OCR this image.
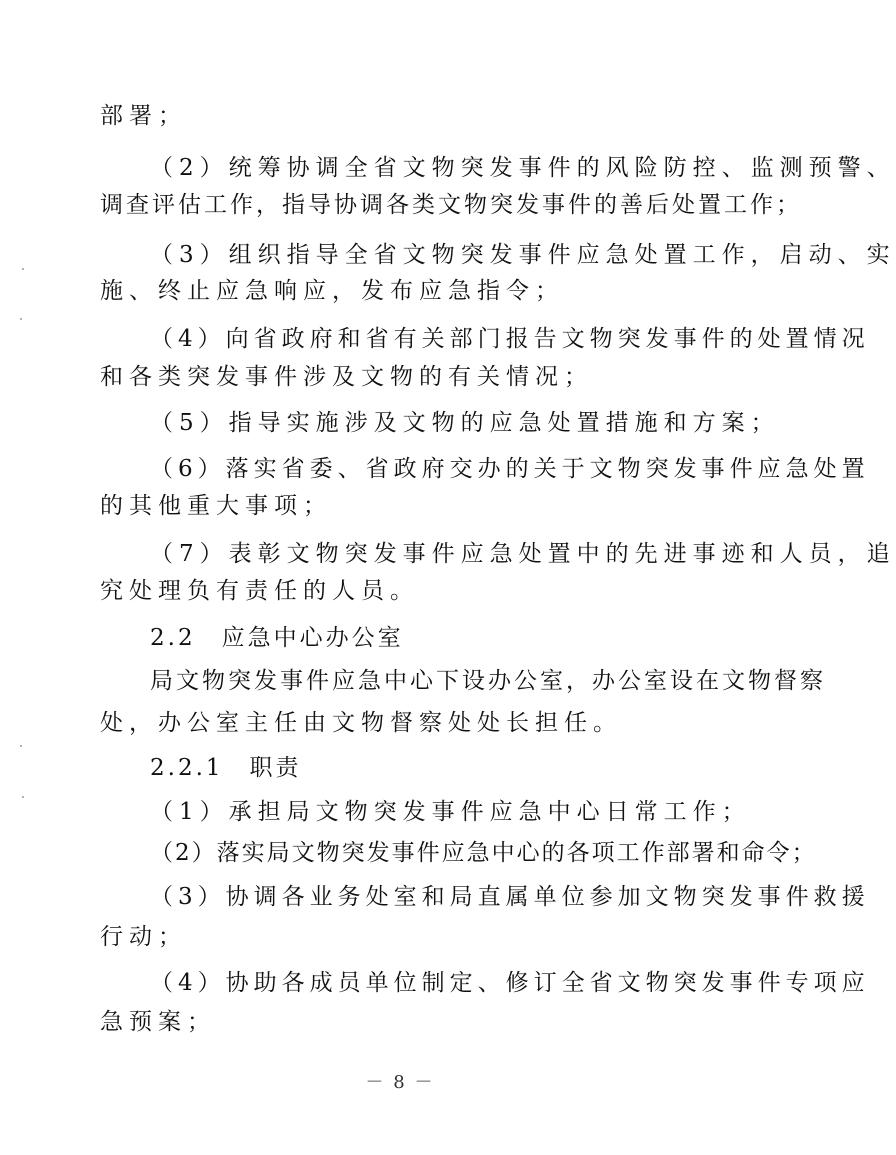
部署；
（2）统筹协调全省文物突发事件的风险防控、监测预警、
调查评估工作，指导协调各类文物突发事件的善后处置工作；
（3）组织指导全省文物突发事件应急处置工作，启动、实
施、终止应急响应，发布应急指令；
（4）向省政府和省有关部门报告文物突发事件的处置情况
和各类突发事件涉及文物的有关情况；
（5）指导实施涉及文物的应急处置措施和方案；
（6）落实省委、省政府交办的关于文物突发事件应急处置
的其他重大事项；
（7）表彰文物突发事件应急处置中的先进事迹和人员，追
究处理负有责任的人员。
2.2　应急中心办公室
局文物突发事件应急中心下设办公室，办公室设在文物督察
处，办公室主任由文物督察处处长担任。
2.2.1　职责
（1）承担局文物突发事件应急中心日常工作；
（2）落实局文物突发事件应急中心的各项工作部署和命令；
（3）协调各业务处室和局直属单位参加文物突发事件救援
行动；
（4）协助各成员单位制定、修订全省文物突发事件专项应
急预案；
－ 8 －
